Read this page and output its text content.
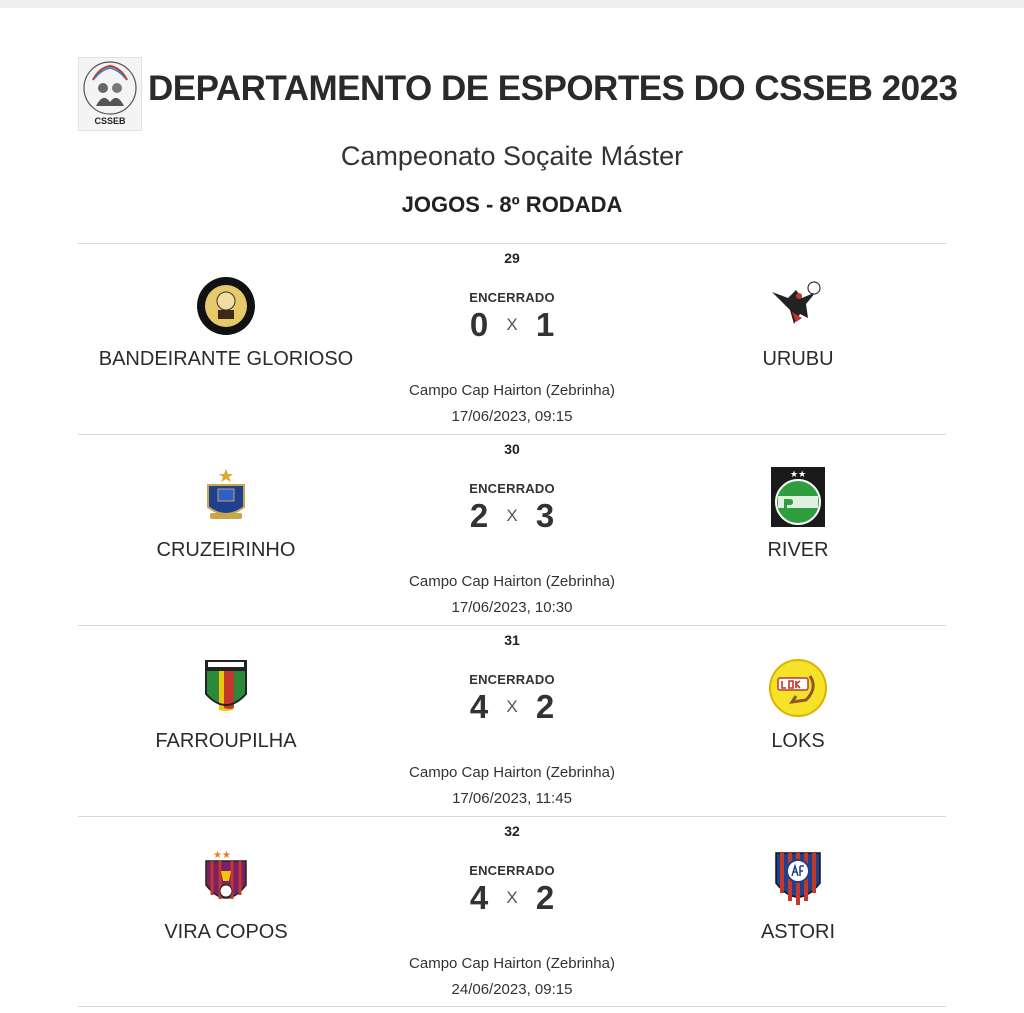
CSSEB
DEPARTAMENTO DE ESPORTES DO CSSEB 2023
Campeonato Soçaite Máster
JOGOS - 8º RODADA
29
BANDEIRANTE GLORIOSO
ENCERRADO
0	X 1
URUBU
Campo Cap Hairton (Zebrinha)
17/06/2023, 09:15
30
CRUZEIRINHO
ENCERRADO
2	X 3
★★
RIVER
Campo Cap Hairton (Zebrinha)
17/06/2023, 10:30
31
FARROUPILHA
ENCERRADO
4	X 2
LOKS
Campo Cap Hairton (Zebrinha)
17/06/2023, 11:45
32
★★
VIRA COPOS
ENCERRADO
4	X 2
ASTORI
Campo Cap Hairton (Zebrinha)
24/06/2023, 09:15
